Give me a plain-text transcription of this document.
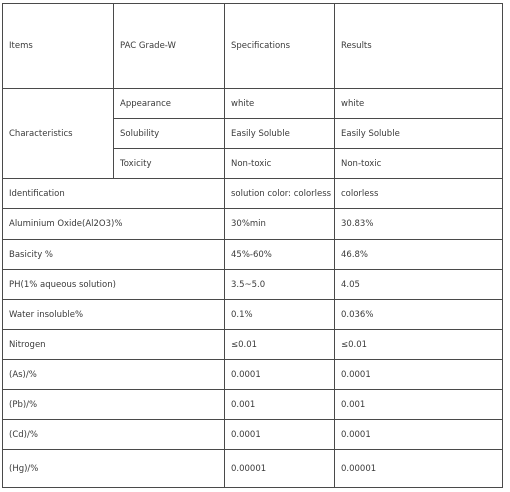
Items	PAC Grade-W	Specifications	Results
Characteristics	Appearance	white	white
	Solubility	Easily Soluble	Easily Soluble
	Toxicity	Non-toxic	Non-toxic
Identification		solution color: colorless	colorless
Aluminium Oxide(Al2O3)%		30%min	30.83%
Basicity %		45%-60%	46.8%
PH(1% aqueous solution)		3.5~5.0	4.05
Water insoluble%		0.1%	0.036%
Nitrogen		≤0.01	≤0.01
(As)/%		0.0001	0.0001
(Pb)/%		0.001	0.001
(Cd)/%		0.0001	0.0001
(Hg)/%		0.00001	0.00001
